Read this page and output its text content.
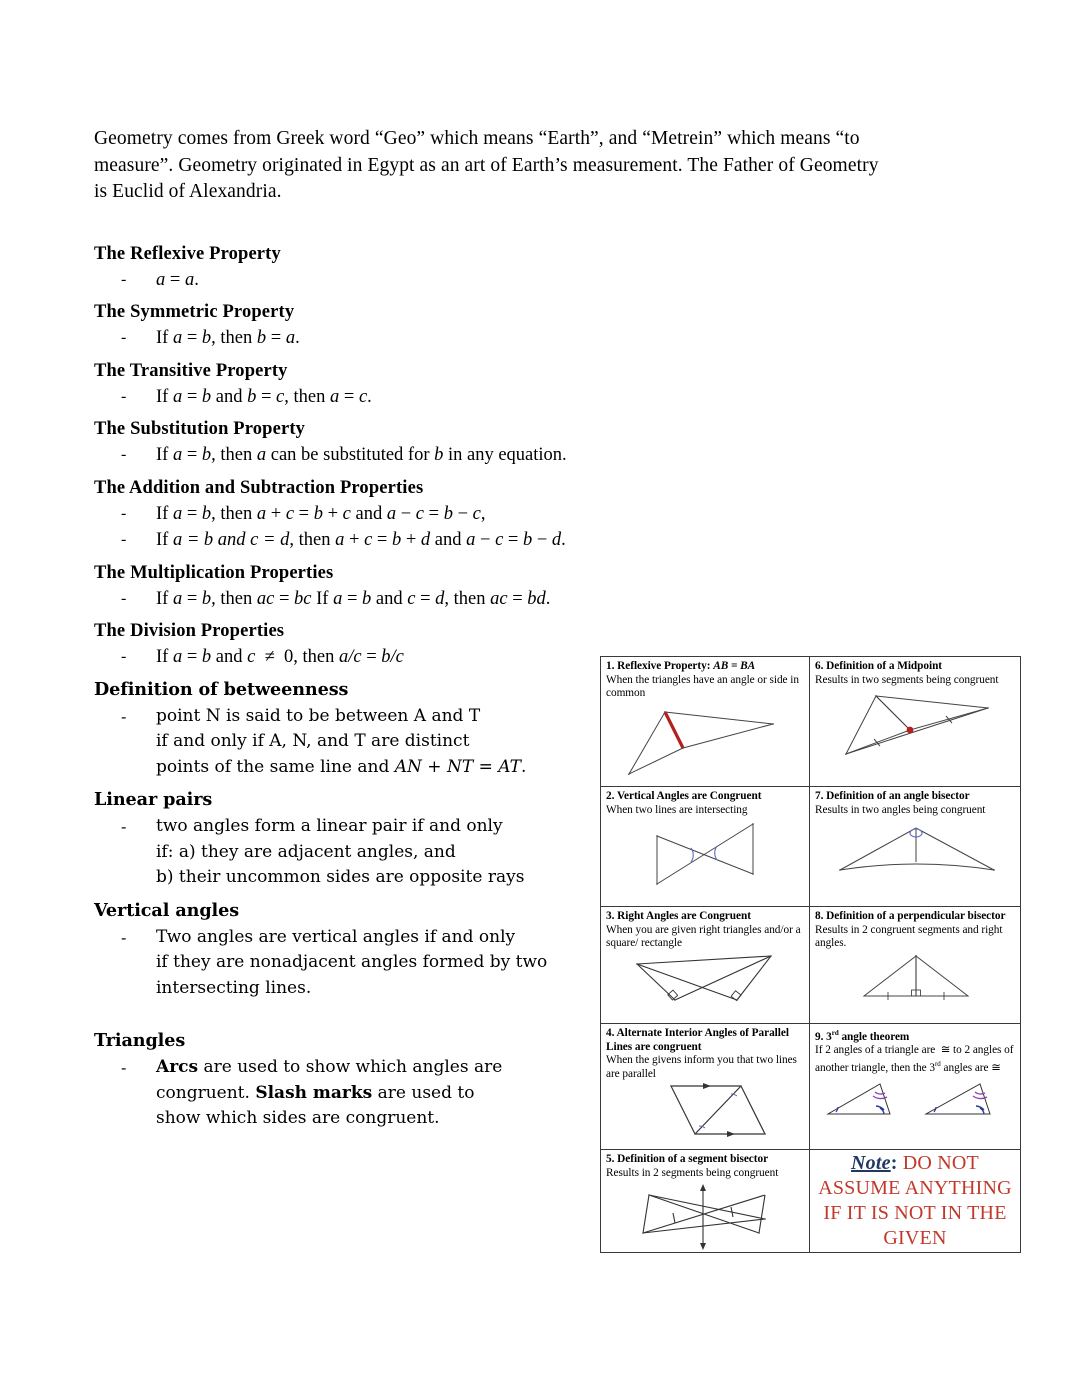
Geometry comes from Greek word “Geo” which means “Earth”, and “Metrein” which means “to measure”. Geometry originated in Egypt as an art of Earth’s measurement. The Father of Geometry is Euclid of Alexandria.

The Reflexive Property
- a = a.
The Symmetric Property
- If a = b, then b = a.
The Transitive Property
- If a = b and b = c, then a = c.
The Substitution Property
- If a = b, then a can be substituted for b in any equation.
The Addition and Subtraction Properties
- If a = b, then a + c = b + c and a − c = b − c,
- If a = b and c = d, then a + c = b + d and a − c = b − d.
The Multiplication Properties
- If a = b, then ac = bc If a = b and c = d, then ac = bd.
The Division Properties
- If a = b and c  ≠  0, then a/c = b/c
Definition of betweenness
- point N is said to be between A and T
if and only if A, N, and T are distinct
points of the same line and AN + NT = AT.
Linear pairs
- two angles form a linear pair if and only
if: a) they are adjacent angles, and
b) their uncommon sides are opposite rays
Vertical angles
- Two angles are vertical angles if and only
if they are nonadjacent angles formed by two
intersecting lines.
Triangles
- Arcs are used to show which angles are
congruent. Slash marks are used to
show which sides are congruent.
1. Reflexive Property: AB = BA
When the triangles have an angle or side in common
6. Definition of a Midpoint
Results in two segments being congruent
2. Vertical Angles are Congruent
When two lines are intersecting
7. Definition of an angle bisector
Results in two angles being congruent
3. Right Angles are Congruent
When you are given right triangles and/or a square/ rectangle
8. Definition of a perpendicular bisector
Results in 2 congruent segments and right angles.
4. Alternate Interior Angles of Parallel Lines are congruent
When the givens inform you that two lines are parallel
9. 3rd angle theorem
If 2 angles of a triangle are  ≅ to 2 angles of another triangle, then the 3rd angles are ≅
5. Definition of a segment bisector
Results in 2 segments being congruent	Note: DO NOT ASSUME ANYTHING IF IT IS NOT IN THE GIVEN
